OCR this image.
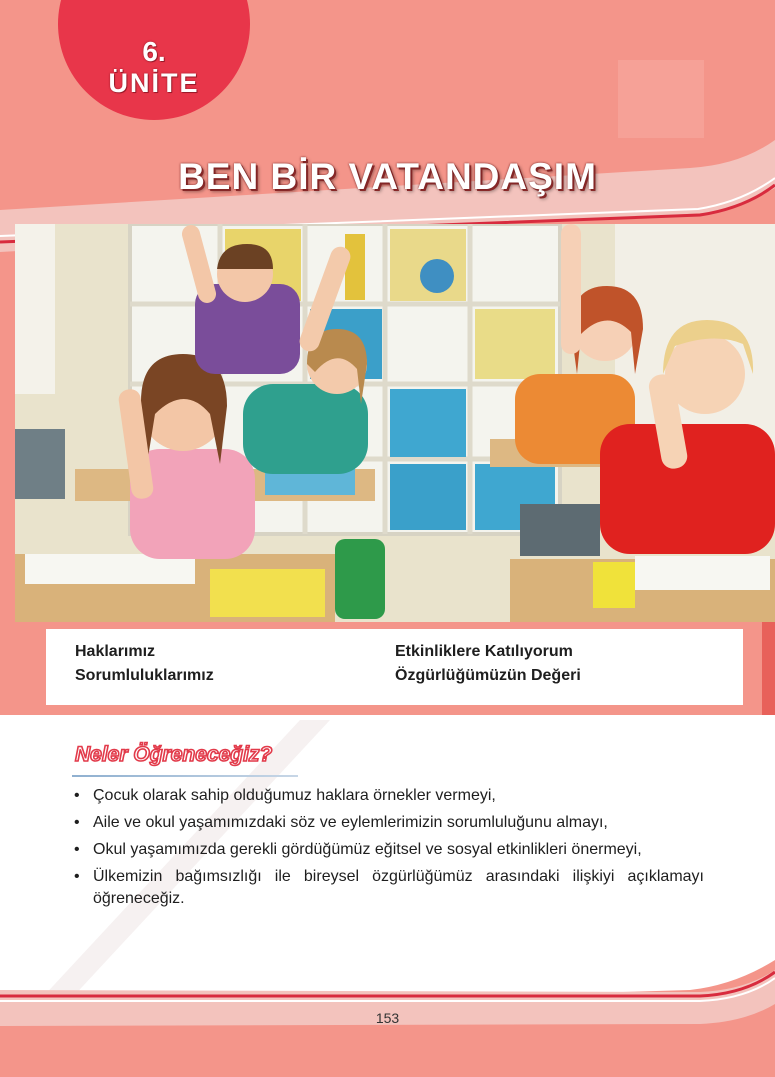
6.
ÜNİTE
BEN BİR VATANDAŞIM
Haklarımız
Sorumluluklarımız
Etkinliklere Katılıyorum
Özgürlüğümüzün Değeri
Neler Öğreneceğiz?
• Çocuk olarak sahip olduğumuz haklara örnekler vermeyi,
• Aile ve okul yaşamımızdaki söz ve eylemlerimizin sorumluluğunu almayı,
• Okul yaşamımızda gerekli gördüğümüz eğitsel ve sosyal etkinlikleri önermeyi,
• Ülkemizin bağımsızlığı ile bireysel özgürlüğümüz arasındaki ilişkiyi açıklamayı öğreneceğiz.
153
